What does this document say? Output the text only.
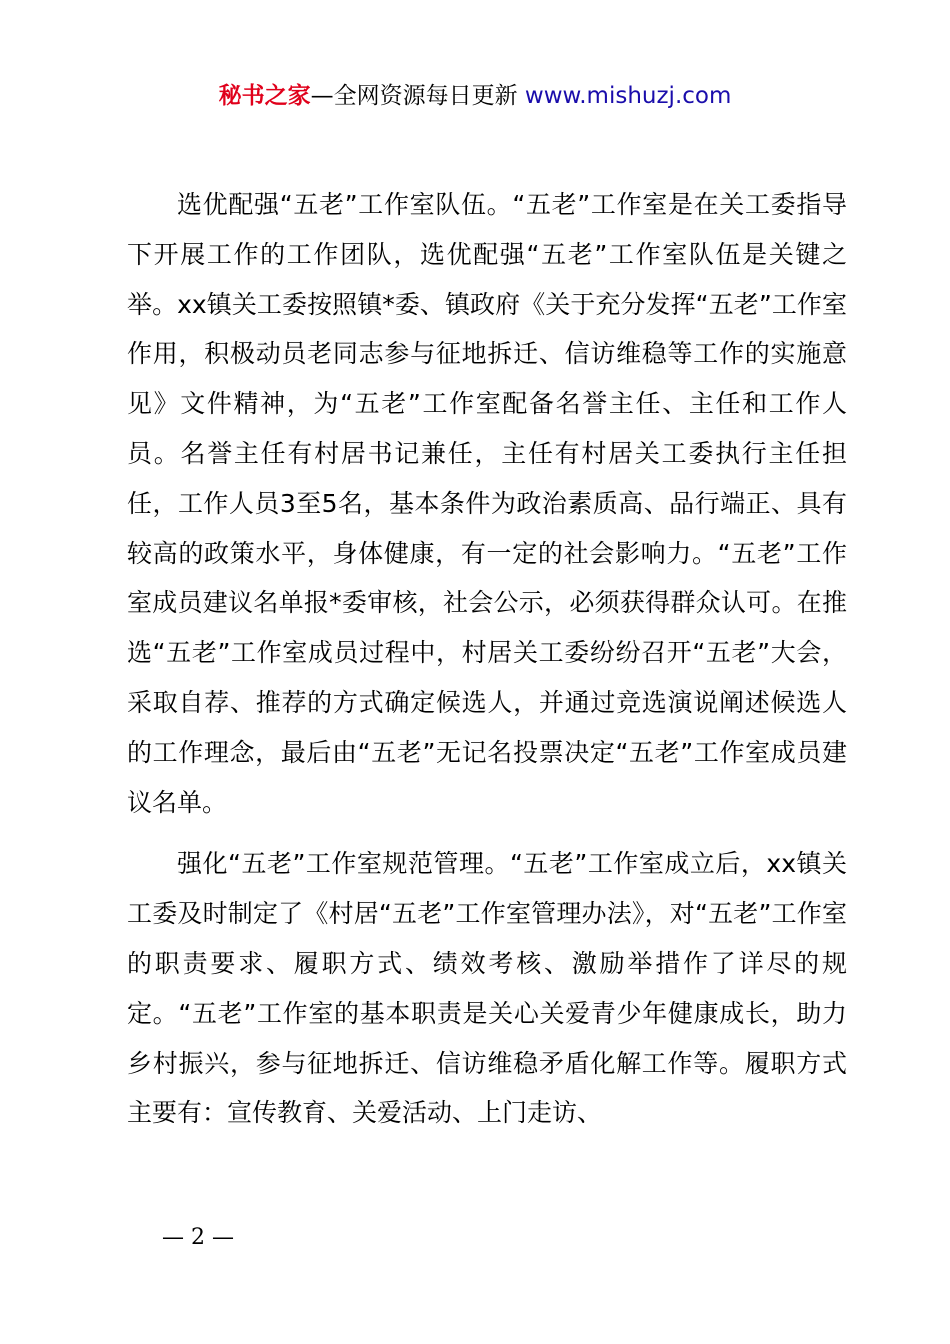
秘书之家—全网资源每日更新 www.mishuzj.com

选优配强“五老”工作室队伍。“五老”工作室是在关工委指导下开展工作的工作团队，选优配强“五老”工作室队伍是关键之举。xx镇关工委按照镇*委、镇政府《关于充分发挥“五老”工作室作用，积极动员老同志参与征地拆迁、信访维稳等工作的实施意见》文件精神，为“五老”工作室配备名誉主任、主任和工作人员。名誉主任有村居书记兼任，主任有村居关工委执行主任担任，工作人员3至5名，基本条件为政治素质高、品行端正、具有较高的政策水平，身体健康，有一定的社会影响力。“五老”工作室成员建议名单报*委审核，社会公示，必须获得群众认可。在推选“五老”工作室成员过程中，村居关工委纷纷召开“五老”大会，采取自荐、推荐的方式确定候选人，并通过竞选演说阐述候选人的工作理念，最后由“五老”无记名投票决定“五老”工作室成员建议名单。

强化“五老”工作室规范管理。“五老”工作室成立后，xx镇关工委及时制定了《村居“五老”工作室管理办法》，对“五老”工作室的职责要求、履职方式、绩效考核、激励举措作了详尽的规定。“五老”工作室的基本职责是关心关爱青少年健康成长，助力乡村振兴，参与征地拆迁、信访维稳矛盾化解工作等。履职方式主要有：宣传教育、关爱活动、上门走访、

— 2 —
